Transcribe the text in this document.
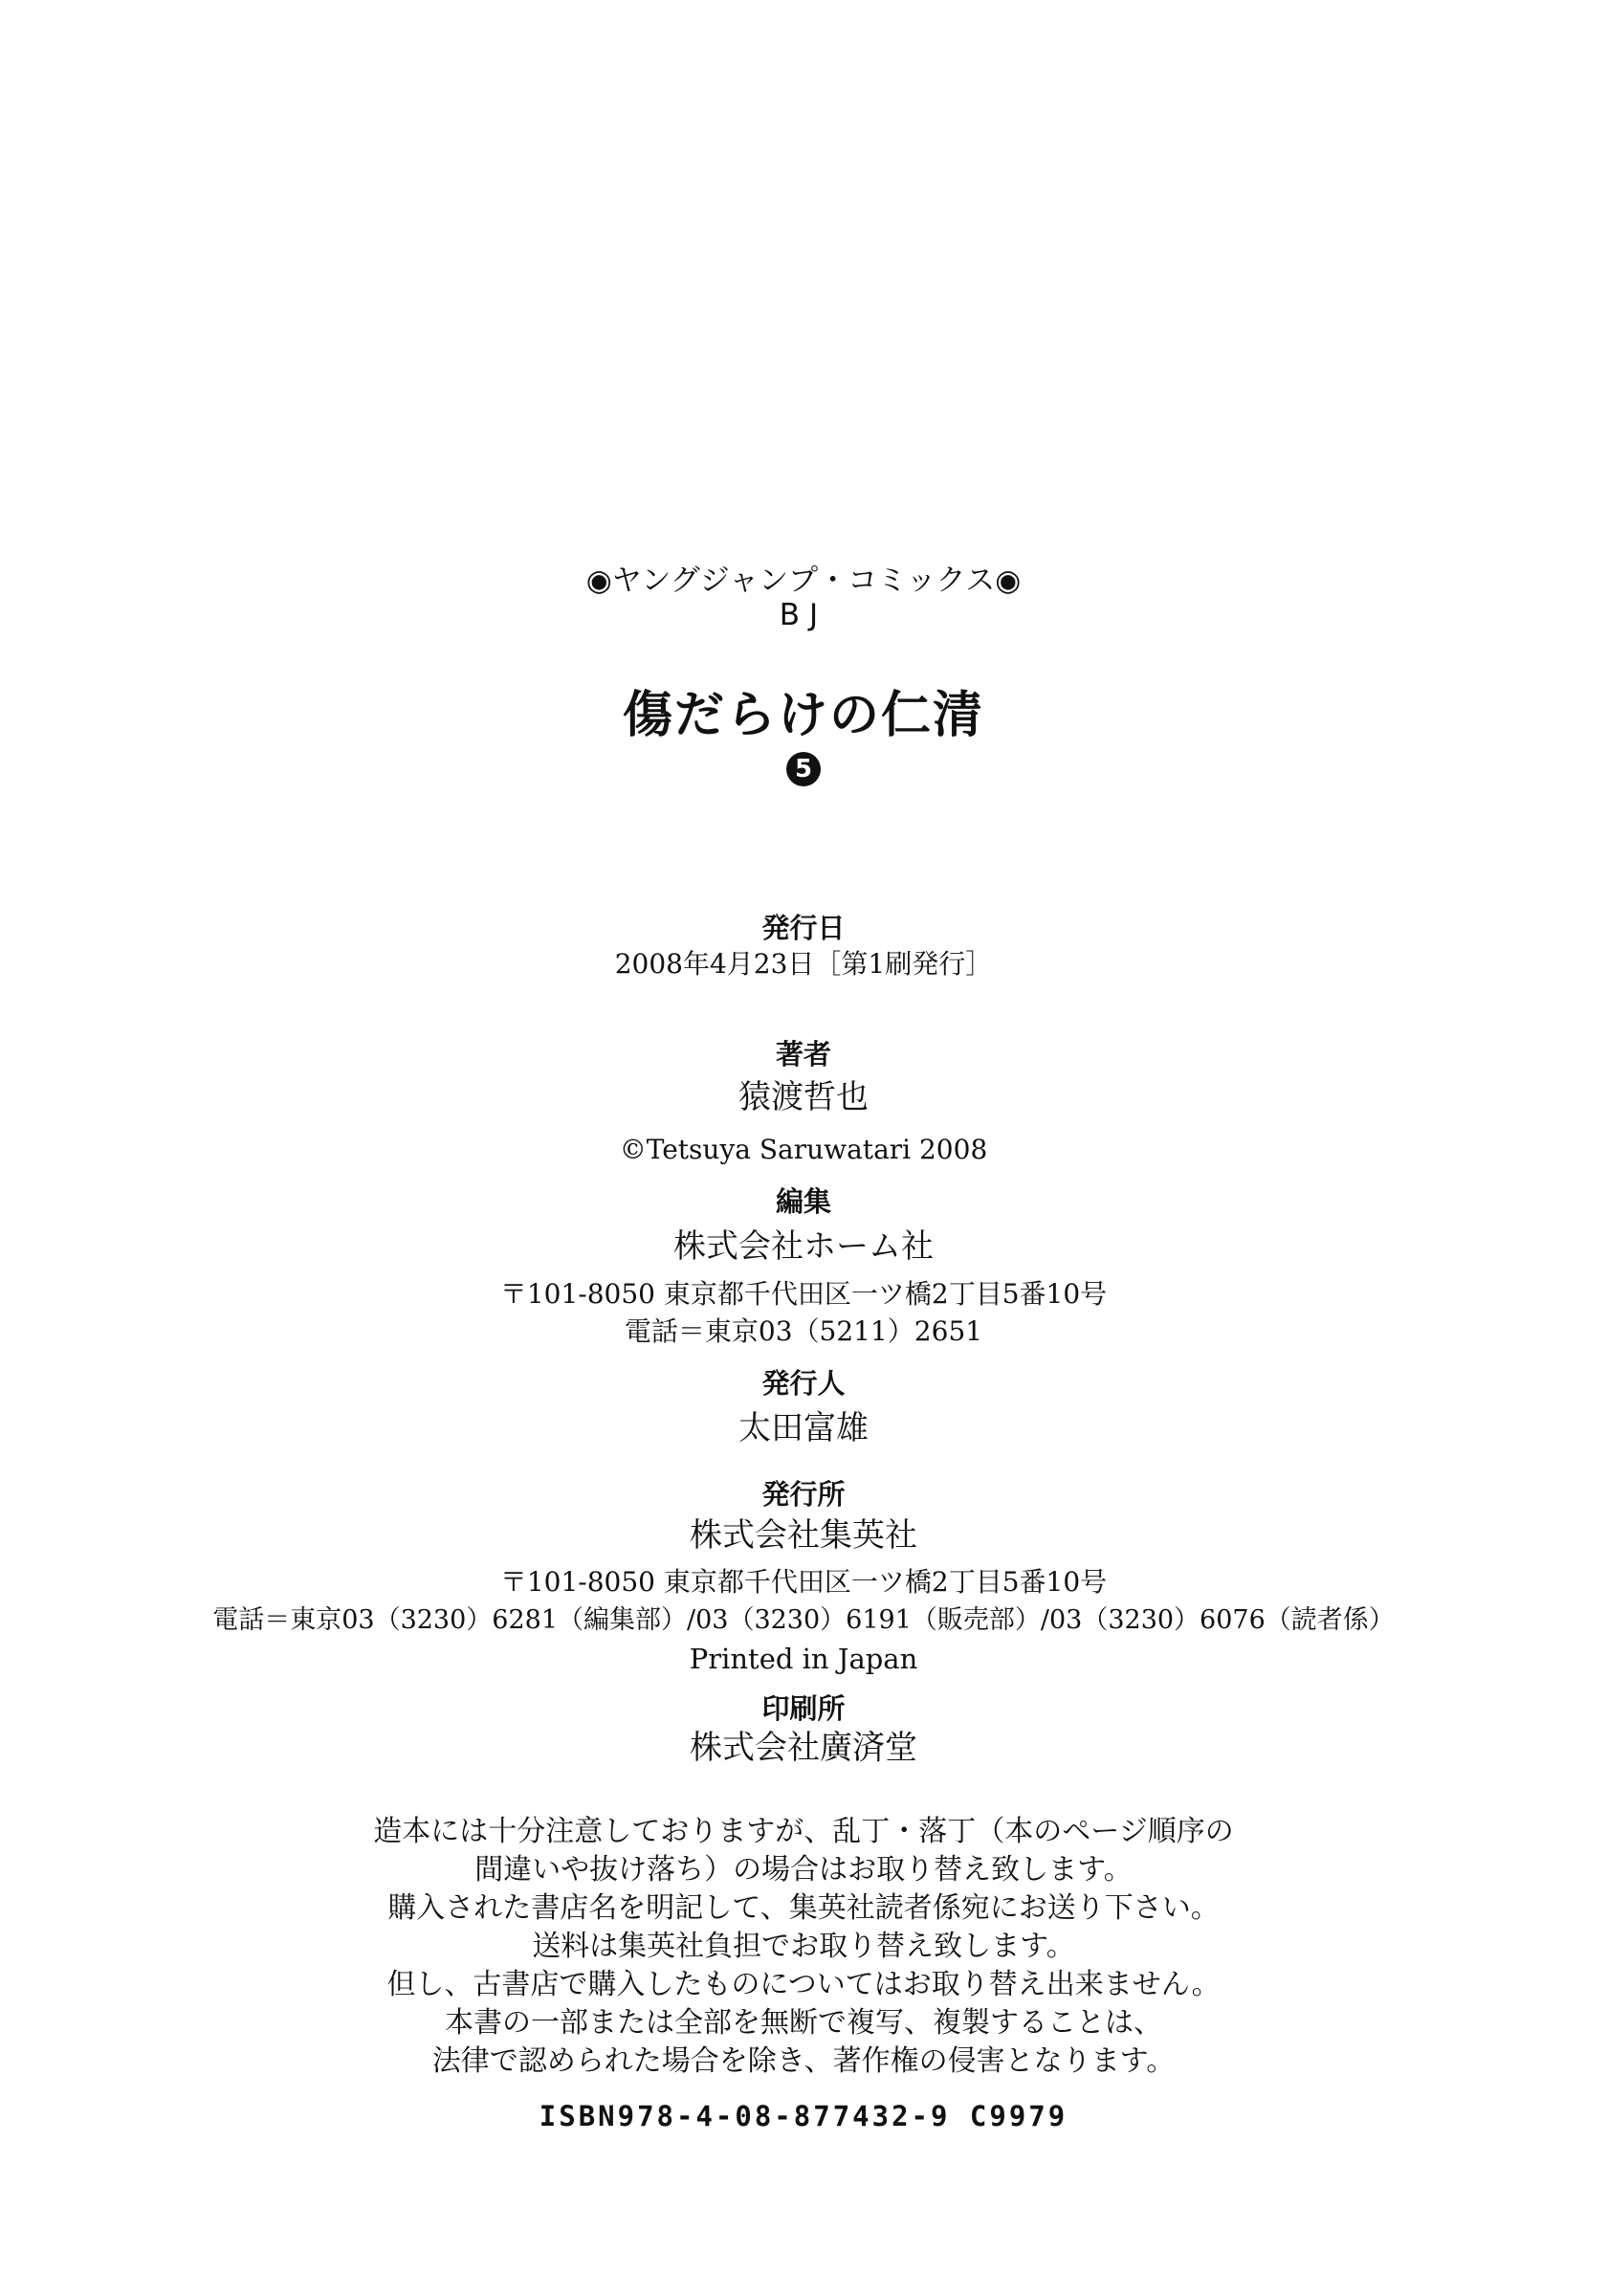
◉ヤングジャンプ・コミックス◉
BJ
傷だらけの仁清
5
発行日
2008年4月23日［第1刷発行］
著者
猿渡哲也
©Tetsuya Saruwatari 2008
編集
株式会社ホーム社
〒101-8050 東京都千代田区一ツ橋2丁目5番10号
電話＝東京03（5211）2651
発行人
太田富雄
発行所
株式会社集英社
〒101-8050 東京都千代田区一ツ橋2丁目5番10号
電話＝東京03（3230）6281（編集部）/03（3230）6191（販売部）/03（3230）6076（読者係）
Printed in Japan
印刷所
株式会社廣済堂
造本には十分注意しておりますが、乱丁・落丁（本のページ順序の
間違いや抜け落ち）の場合はお取り替え致します。
購入された書店名を明記して、集英社読者係宛にお送り下さい。
送料は集英社負担でお取り替え致します。
但し、古書店で購入したものについてはお取り替え出来ません。
本書の一部または全部を無断で複写、複製することは、
法律で認められた場合を除き、著作権の侵害となります。
ISBN978-4-08-877432-9 C9979
